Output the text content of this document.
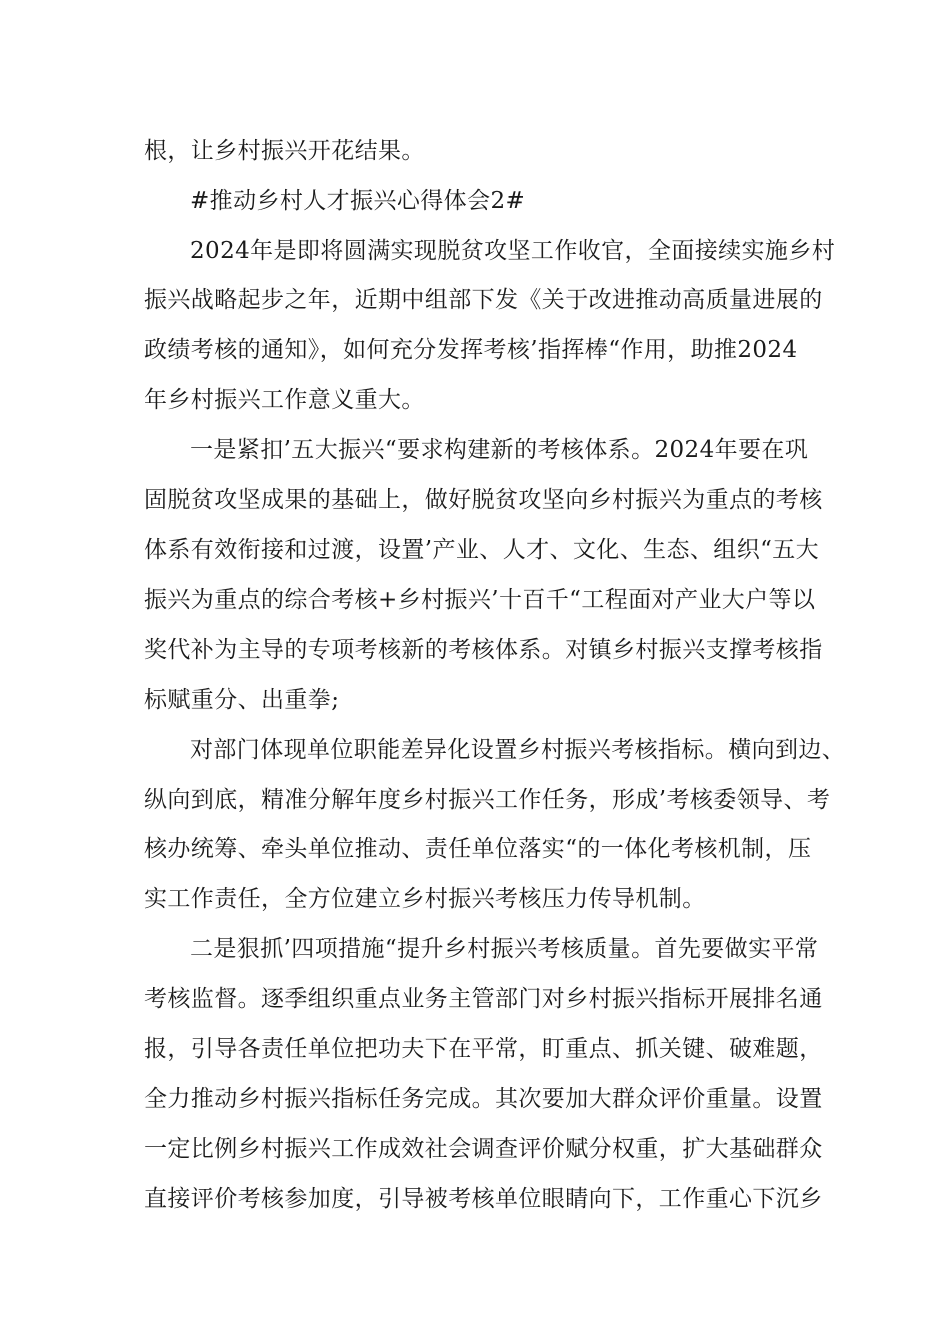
根，让乡村振兴开花结果。
#推动乡村人才振兴心得体会2#
2024年是即将圆满实现脱贫攻坚工作收官，全面接续实施乡村
振兴战略起步之年，近期中组部下发《关于改进推动高质量进展的
政绩考核的通知》，如何充分发挥考核’指挥棒“作用，助推2024
年乡村振兴工作意义重大。
一是紧扣’五大振兴“要求构建新的考核体系。2024年要在巩
固脱贫攻坚成果的基础上，做好脱贫攻坚向乡村振兴为重点的考核
体系有效衔接和过渡，设置’产业、人才、文化、生态、组织“五大
振兴为重点的综合考核+乡村振兴’十百千“工程面对产业大户等以
奖代补为主导的专项考核新的考核体系。对镇乡村振兴支撑考核指
标赋重分、出重拳;
对部门体现单位职能差异化设置乡村振兴考核指标。横向到边、
纵向到底，精准分解年度乡村振兴工作任务，形成’考核委领导、考
核办统筹、牵头单位推动、责任单位落实“的一体化考核机制，压
实工作责任，全方位建立乡村振兴考核压力传导机制。
二是狠抓’四项措施“提升乡村振兴考核质量。首先要做实平常
考核监督。逐季组织重点业务主管部门对乡村振兴指标开展排名通
报，引导各责任单位把功夫下在平常，盯重点、抓关键、破难题，
全力推动乡村振兴指标任务完成。其次要加大群众评价重量。设置
一定比例乡村振兴工作成效社会调查评价赋分权重，扩大基础群众
直接评价考核参加度，引导被考核单位眼睛向下，工作重心下沉乡
